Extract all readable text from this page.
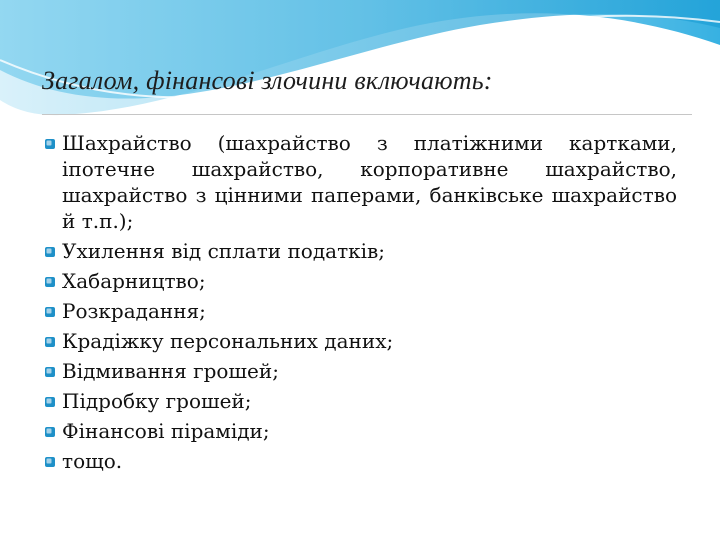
Загалом, фінансові злочини включають:
Шахрайство (шахрайство з платіжними картками, іпотечне шахрайство, корпоративне шахрайство, шахрайство з цінними паперами, банківське шахрайство й т.п.);
Ухилення від сплати податків;
Хабарництво;
Розкрадання;
Крадіжку персональних даних;
Відмивання грошей;
Підробку грошей;
Фінансові піраміди;
тощо.
